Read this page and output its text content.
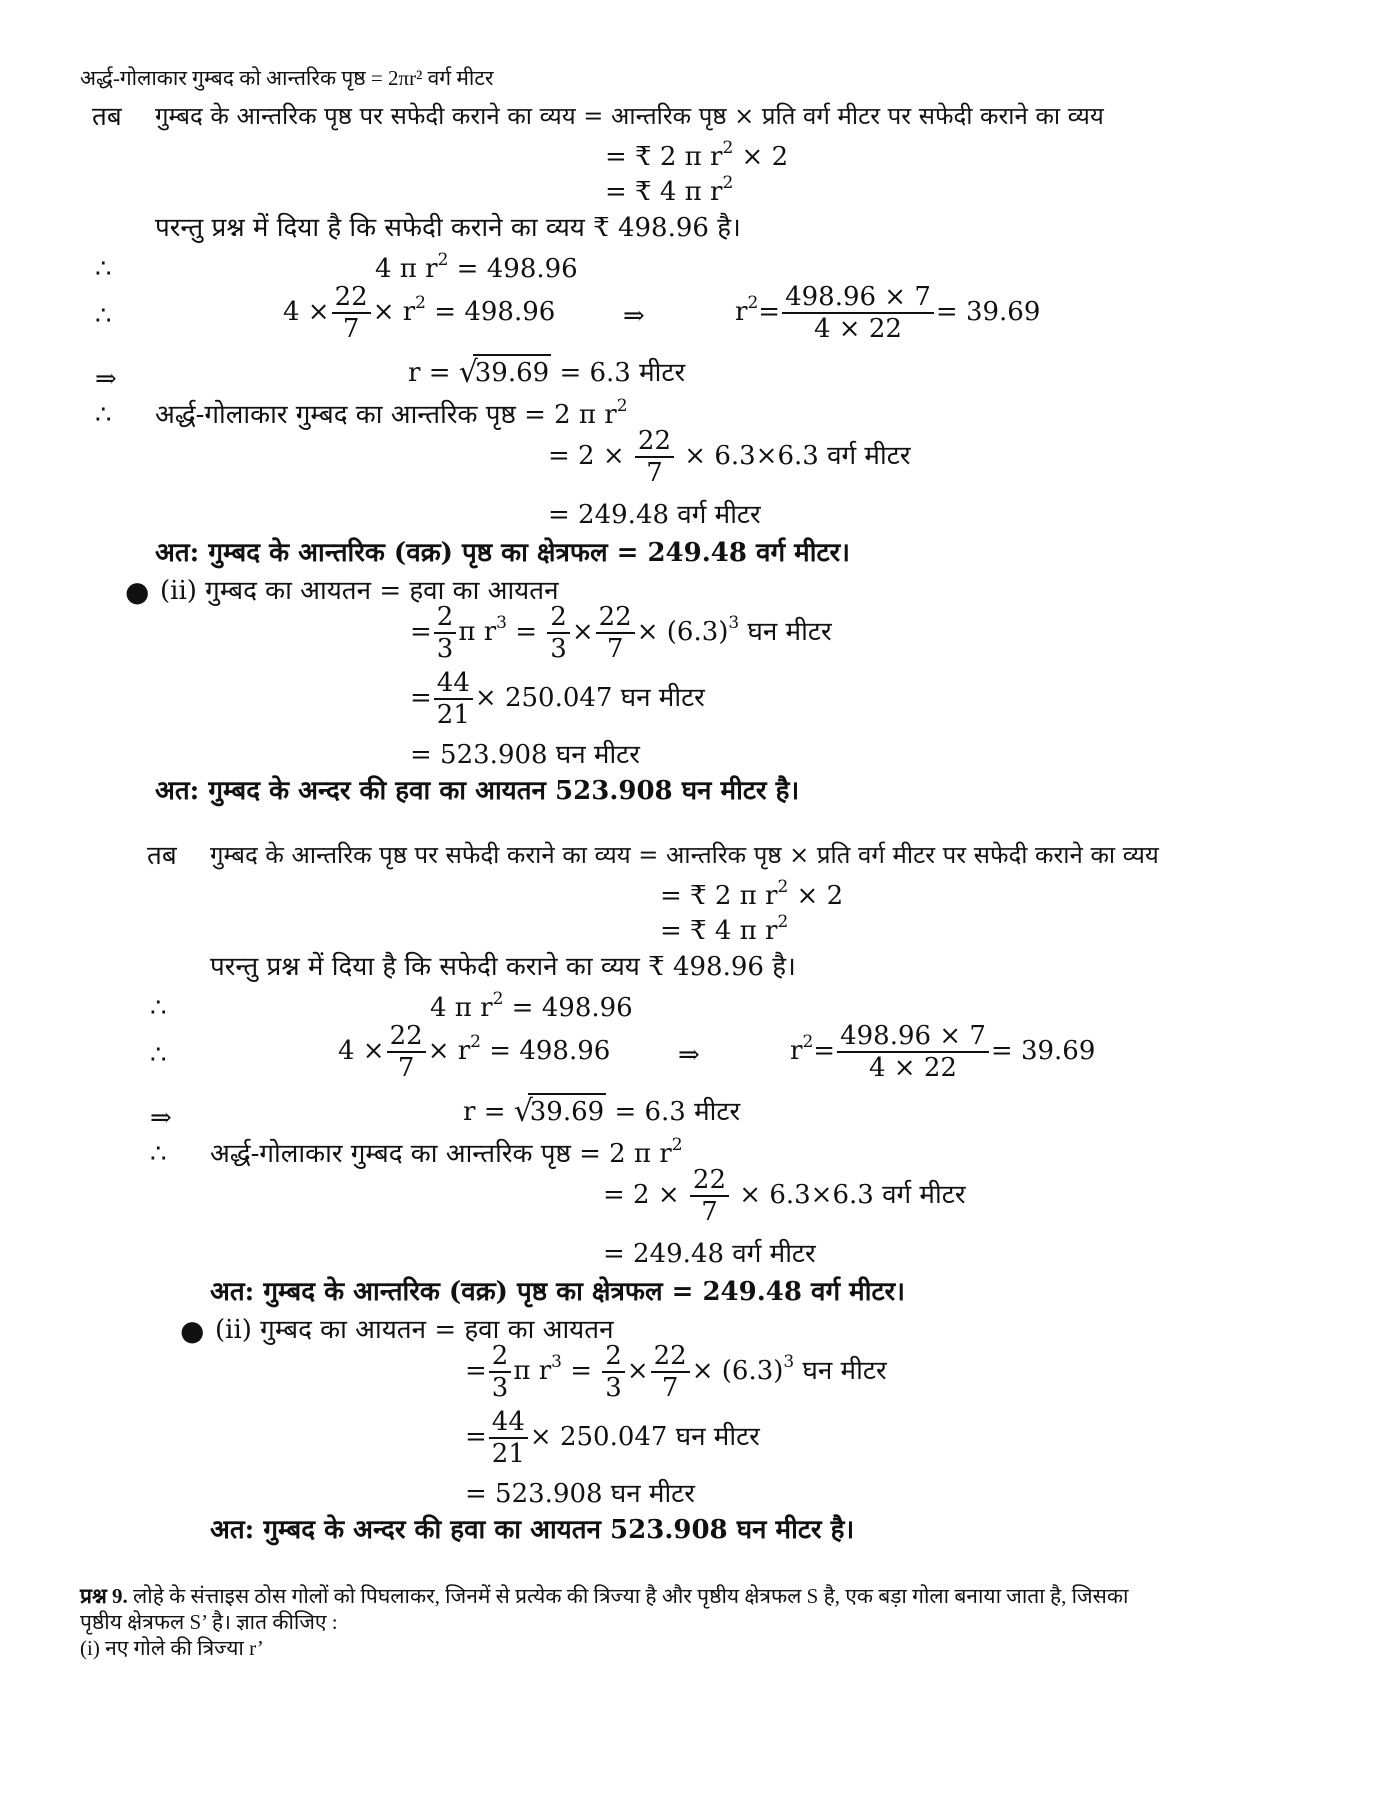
अर्द्ध-गोलाकार गुम्बद को आन्तरिक पृष्ठ = 2πr² वर्ग मीटर
तब गुम्बद के आन्तरिक पृष्ठ पर सफेदी कराने का व्यय = आन्तरिक पृष्ठ × प्रति वर्ग मीटर पर सफेदी कराने का व्यय
= ₹ 2 π $r^2 \times 2$
= ₹ 4 π $r^2$
परन्तु प्रश्न में दिया है कि सफेदी कराने का व्यय ₹ 498.96 है।
∴	4 π $r^2 = 498.96$
∴	$4 \times \frac{22}{7} \times r^2 = 498.96$	⇒	$r^2= \frac{498.96 \times 7}{4 \times 22} = 39.69$
⇒	r = √
39.69 = 6.3 मीटर
∴ अर्द्ध-गोलाकार गुम्बद का आन्तरिक पृष्ठ = 2 π $r^2$
= $2 \times \frac{22}{7} \times 6.3\times 6.3$ वर्ग मीटर
= 249.48 वर्ग मीटर
अत: गुम्बद के आन्तरिक (वक्र) पृष्ठ का क्षेत्रफल = 249.48 वर्ग मीटर।
● (ii) गुम्बद का आयतन = हवा का आयतन
= $\frac{2}{3}$ π $r^3 = \frac{2}{3} \times \frac{22}{7} \times (6.3)^3$ घन मीटर
= $\frac{44}{21} \times 250.047$ घन मीटर
= 523.908 घन मीटर
अत: गुम्बद के अन्दर की हवा का आयतन 523.908 घन मीटर है।
तब गुम्बद के आन्तरिक पृष्ठ पर सफेदी कराने का व्यय = आन्तरिक पृष्ठ × प्रति वर्ग मीटर पर सफेदी कराने का व्यय
= ₹ 2 π $r^2 \times 2$
= ₹ 4 π $r^2$
परन्तु प्रश्न में दिया है कि सफेदी कराने का व्यय ₹ 498.96 है।
∴	4 π $r^2 = 498.96$
∴	$4 \times \frac{22}{7} \times r^2 = 498.96$	⇒	$r^2= \frac{498.96 \times 7}{4 \times 22} = 39.69$
⇒	r = √
39.69 = 6.3 मीटर
∴ अर्द्ध-गोलाकार गुम्बद का आन्तरिक पृष्ठ = 2 π $r^2$
= $2 \times \frac{22}{7} \times 6.3\times 6.3$ वर्ग मीटर
= 249.48 वर्ग मीटर
अत: गुम्बद के आन्तरिक (वक्र) पृष्ठ का क्षेत्रफल = 249.48 वर्ग मीटर।
● (ii) गुम्बद का आयतन = हवा का आयतन
= $\frac{2}{3}$ π $r^3 = \frac{2}{3} \times \frac{22}{7} \times (6.3)^3$ घन मीटर
= $\frac{44}{21} \times 250.047$ घन मीटर
= 523.908 घन मीटर
अत: गुम्बद के अन्दर की हवा का आयतन 523.908 घन मीटर है।
प्रश्न 9. लोहे के संत्ताइस ठोस गोलों को पिघलाकर, जिनमें से प्रत्येक की त्रिज्या है और पृष्ठीय क्षेत्रफल S है, एक बड़ा गोला बनाया जाता है, जिसका
पृष्ठीय क्षेत्रफल S’ है। ज्ञात कीजिए :
(i) नए गोले की त्रिज्या r’
